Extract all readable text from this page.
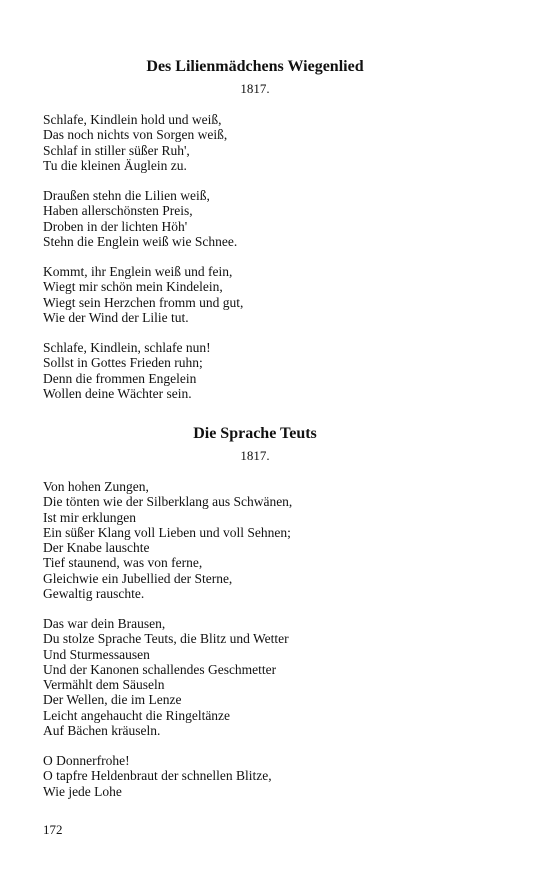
Des Lilienmädchens Wiegenlied
1817.
Schlafe, Kindlein hold und weiß,
Das noch nichts von Sorgen weiß,
Schlaf in stiller süßer Ruh',
Tu die kleinen Äuglein zu.
Draußen stehn die Lilien weiß,
Haben allerschönsten Preis,
Droben in der lichten Höh'
Stehn die Englein weiß wie Schnee.
Kommt, ihr Englein weiß und fein,
Wiegt mir schön mein Kindelein,
Wiegt sein Herzchen fromm und gut,
Wie der Wind der Lilie tut.
Schlafe, Kindlein, schlafe nun!
Sollst in Gottes Frieden ruhn;
Denn die frommen Engelein
Wollen deine Wächter sein.
Die Sprache Teuts
1817.
Von hohen Zungen,
Die tönten wie der Silberklang aus Schwänen,
Ist mir erklungen
Ein süßer Klang voll Lieben und voll Sehnen;
Der Knabe lauschte
Tief staunend, was von ferne,
Gleichwie ein Jubellied der Sterne,
Gewaltig rauschte.
Das war dein Brausen,
Du stolze Sprache Teuts, die Blitz und Wetter
Und Sturmessausen
Und der Kanonen schallendes Geschmetter
Vermählt dem Säuseln
Der Wellen, die im Lenze
Leicht angehaucht die Ringeltänze
Auf Bächen kräuseln.
O Donnerfrohe!
O tapfre Heldenbraut der schnellen Blitze,
Wie jede Lohe
172
